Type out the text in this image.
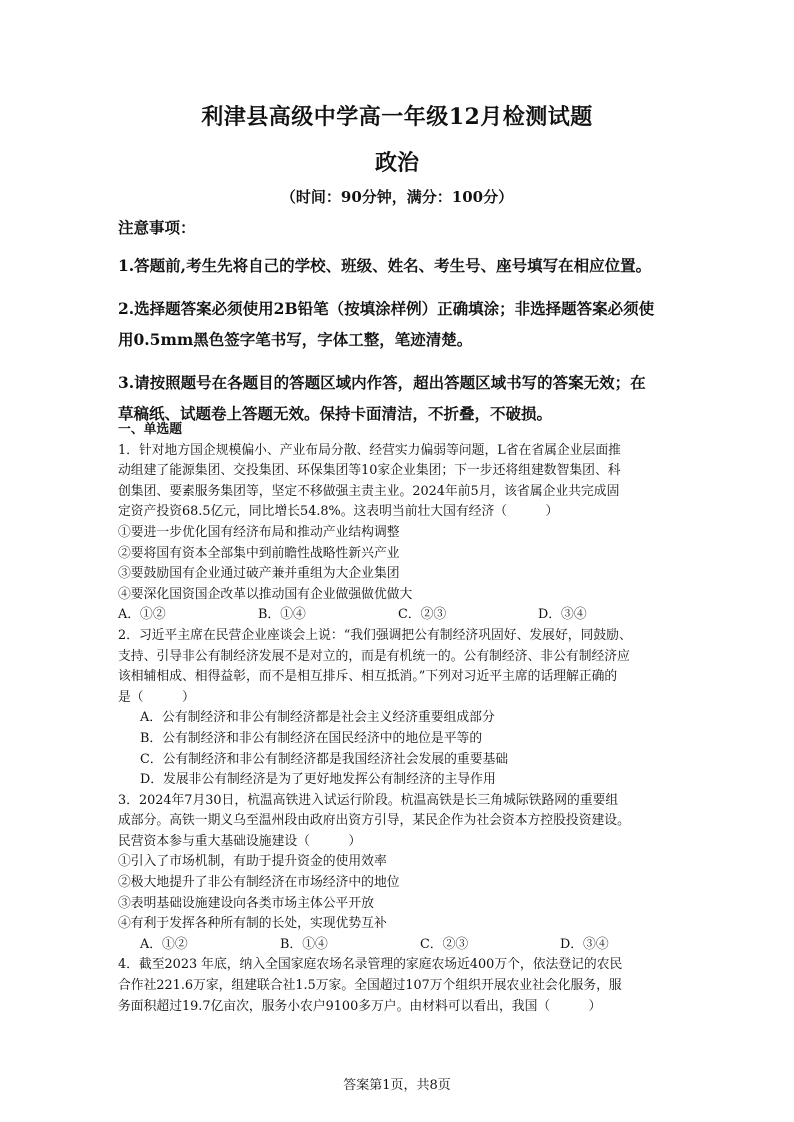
利津县高级中学高一年级12月检测试题
政治
（时间：90分钟，满分：100分）
注意事项：

1.答题前,考生先将自己的学校、班级、姓名、考生号、座号填写在相应位置。

2.选择题答案必须使用2B铅笔（按填涂样例）正确填涂；非选择题答案必须使

用0.5mm黑色签字笔书写，字体工整，笔迹清楚。

3.请按照题号在各题目的答题区域内作答，超出答题区域书写的答案无效；在

草稿纸、试题卷上答题无效。保持卡面清洁，不折叠，不破损。

一、单选题

1．针对地方国企规模偏小、产业布局分散、经营实力偏弱等问题，L省在省属企业层面推

动组建了能源集团、交投集团、环保集团等10家企业集团；下一步还将组建数智集团、科

创集团、要素服务集团等，坚定不移做强主责主业。2024年前5月，该省属企业共完成固

定资产投资68.5亿元，同比增长54.8%。这表明当前壮大国有经济（　　　）

①要进一步优化国有经济布局和推动产业结构调整

②要将国有资本全部集中到前瞻性战略性新兴产业

③要鼓励国有企业通过破产兼并重组为大企业集团

④要深化国资国企改革以推动国有企业做强做优做大

A．①②	B．①④	C．②③	D．③④

2．习近平主席在民营企业座谈会上说：“我们强调把公有制经济巩固好、发展好，同鼓励、

支持、引导非公有制经济发展不是对立的，而是有机统一的。公有制经济、非公有制经济应

该相辅相成、相得益彰，而不是相互排斥、相互抵消。”下列对习近平主席的话理解正确的

是（　　　）

A．公有制经济和非公有制经济都是社会主义经济重要组成部分

B．公有制经济和非公有制经济在国民经济中的地位是平等的

C．公有制经济和非公有制经济都是我国经济社会发展的重要基础

D．发展非公有制经济是为了更好地发挥公有制经济的主导作用

3．2024年7月30日，杭温高铁进入试运行阶段。杭温高铁是长三角城际铁路网的重要组

成部分。高铁一期义乌至温州段由政府出资方引导，某民企作为社会资本方控股投资建设。

民营资本参与重大基础设施建设（　　　）

①引入了市场机制，有助于提升资金的使用效率

②极大地提升了非公有制经济在市场经济中的地位

③表明基础设施建设向各类市场主体公平开放

④有利于发挥各种所有制的长处，实现优势互补

A．①②	B．①④	C．②③	D．③④

4．截至2023 年底，纳入全国家庭农场名录管理的家庭农场近400万个，依法登记的农民

合作社221.6万家，组建联合社1.5万家。全国超过107万个组织开展农业社会化服务，服

务面积超过19.7亿亩次，服务小农户9100多万户。由材料可以看出，我国（　　　）

答案第1页，共8页
